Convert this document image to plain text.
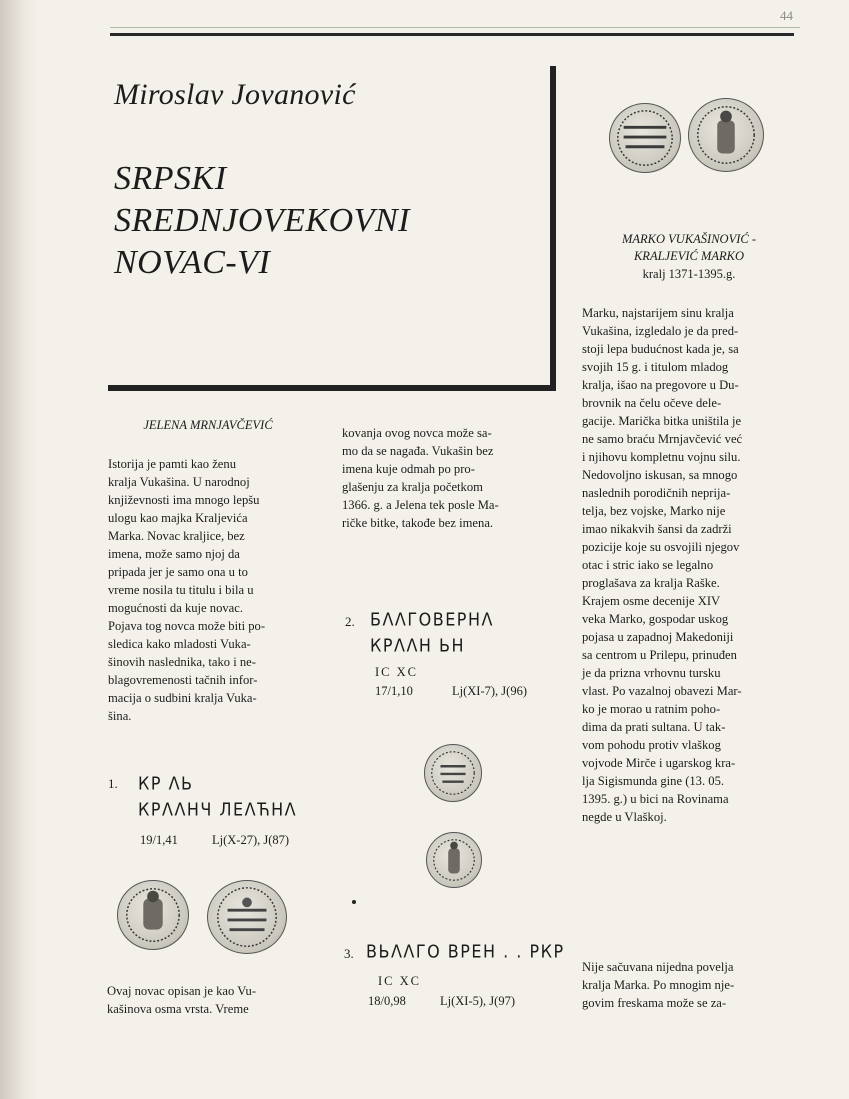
44
Miroslav Jovanović
SRPSKI
SREDNJOVEKOVNI
NOVAC-VI
JELENA MRNJAVČEVIĆ
Istorija je pamti kao ženu
kralja Vukašina. U narodnoj
književnosti ima mnogo lepšu
ulogu kao majka Kraljevića
Marka. Novac kraljice, bez
imena, može samo njoj da
pripada jer je samo ona u to
vreme nosila tu titulu i bila u
mogućnosti da kuje novac.
Pojava tog novca može biti po-
sledica kako mladosti Vuka-
šinovih naslednika, tako i ne-
blagovremenosti tačnih infor-
macija o sudbini kralja Vuka-
šina.
1. КР ΛЬ
КРΛΛНЧ ЛЕΛЋНΛ
19/1,41	Lj(X-27), J(87)
Ovaj novac opisan je kao Vu-
kašinova osma vrsta. Vreme
kovanja ovog novca može sa-
mo da se nagađa. Vukašin bez
imena kuje odmah po pro-
glašenju za kralja početkom
1366. g. a Jelena tek posle Ma-
ričke bitke, takođe bez imena.
2. БΛΛГОВЕРНΛ
КРΛΛН ЬН
IC XC
17/1,10	Lj(XI-7), J(96)
3. ВЬΛΛГО ВРЕН . . РКР
IC XC
18/0,98	Lj(XI-5), J(97)
MARKO VUKAŠINOVIĆ -
KRALJEVIĆ MARKO
kralj 1371-1395.g.
Marku, najstarijem sinu kralja
Vukašina, izgledalo je da pred-
stoji lepa budućnost kada je, sa
svojih 15 g. i titulom mladog
kralja, išao na pregovore u Du-
brovnik na čelu očeve dele-
gacije. Marička bitka uništila je
ne samo braću Mrnjavčević već
i njihovu kompletnu vojnu silu.
Nedovoljno iskusan, sa mnogo
naslednih porodičnih neprija-
telja, bez vojske, Marko nije
imao nikakvih šansi da zadrži
pozicije koje su osvojili njegov
otac i stric iako se legalno
proglašava za kralja Raške.
Krajem osme decenije XIV
veka Marko, gospodar uskog
pojasa u zapadnoj Makedoniji
sa centrom u Prilepu, prinuđen
je da prizna vrhovnu tursku
vlast. Po vazalnoj obavezi Mar-
ko je morao u ratnim poho-
dima da prati sultana. U tak-
vom pohodu protiv vlaškog
vojvode Mirče i ugarskog kra-
lja Sigismunda gine (13. 05.
1395. g.) u bici na Rovinama
negde u Vlaškoj.
Nije sačuvana nijedna povelja
kralja Marka. Po mnogim nje-
govim freskama može se za-
